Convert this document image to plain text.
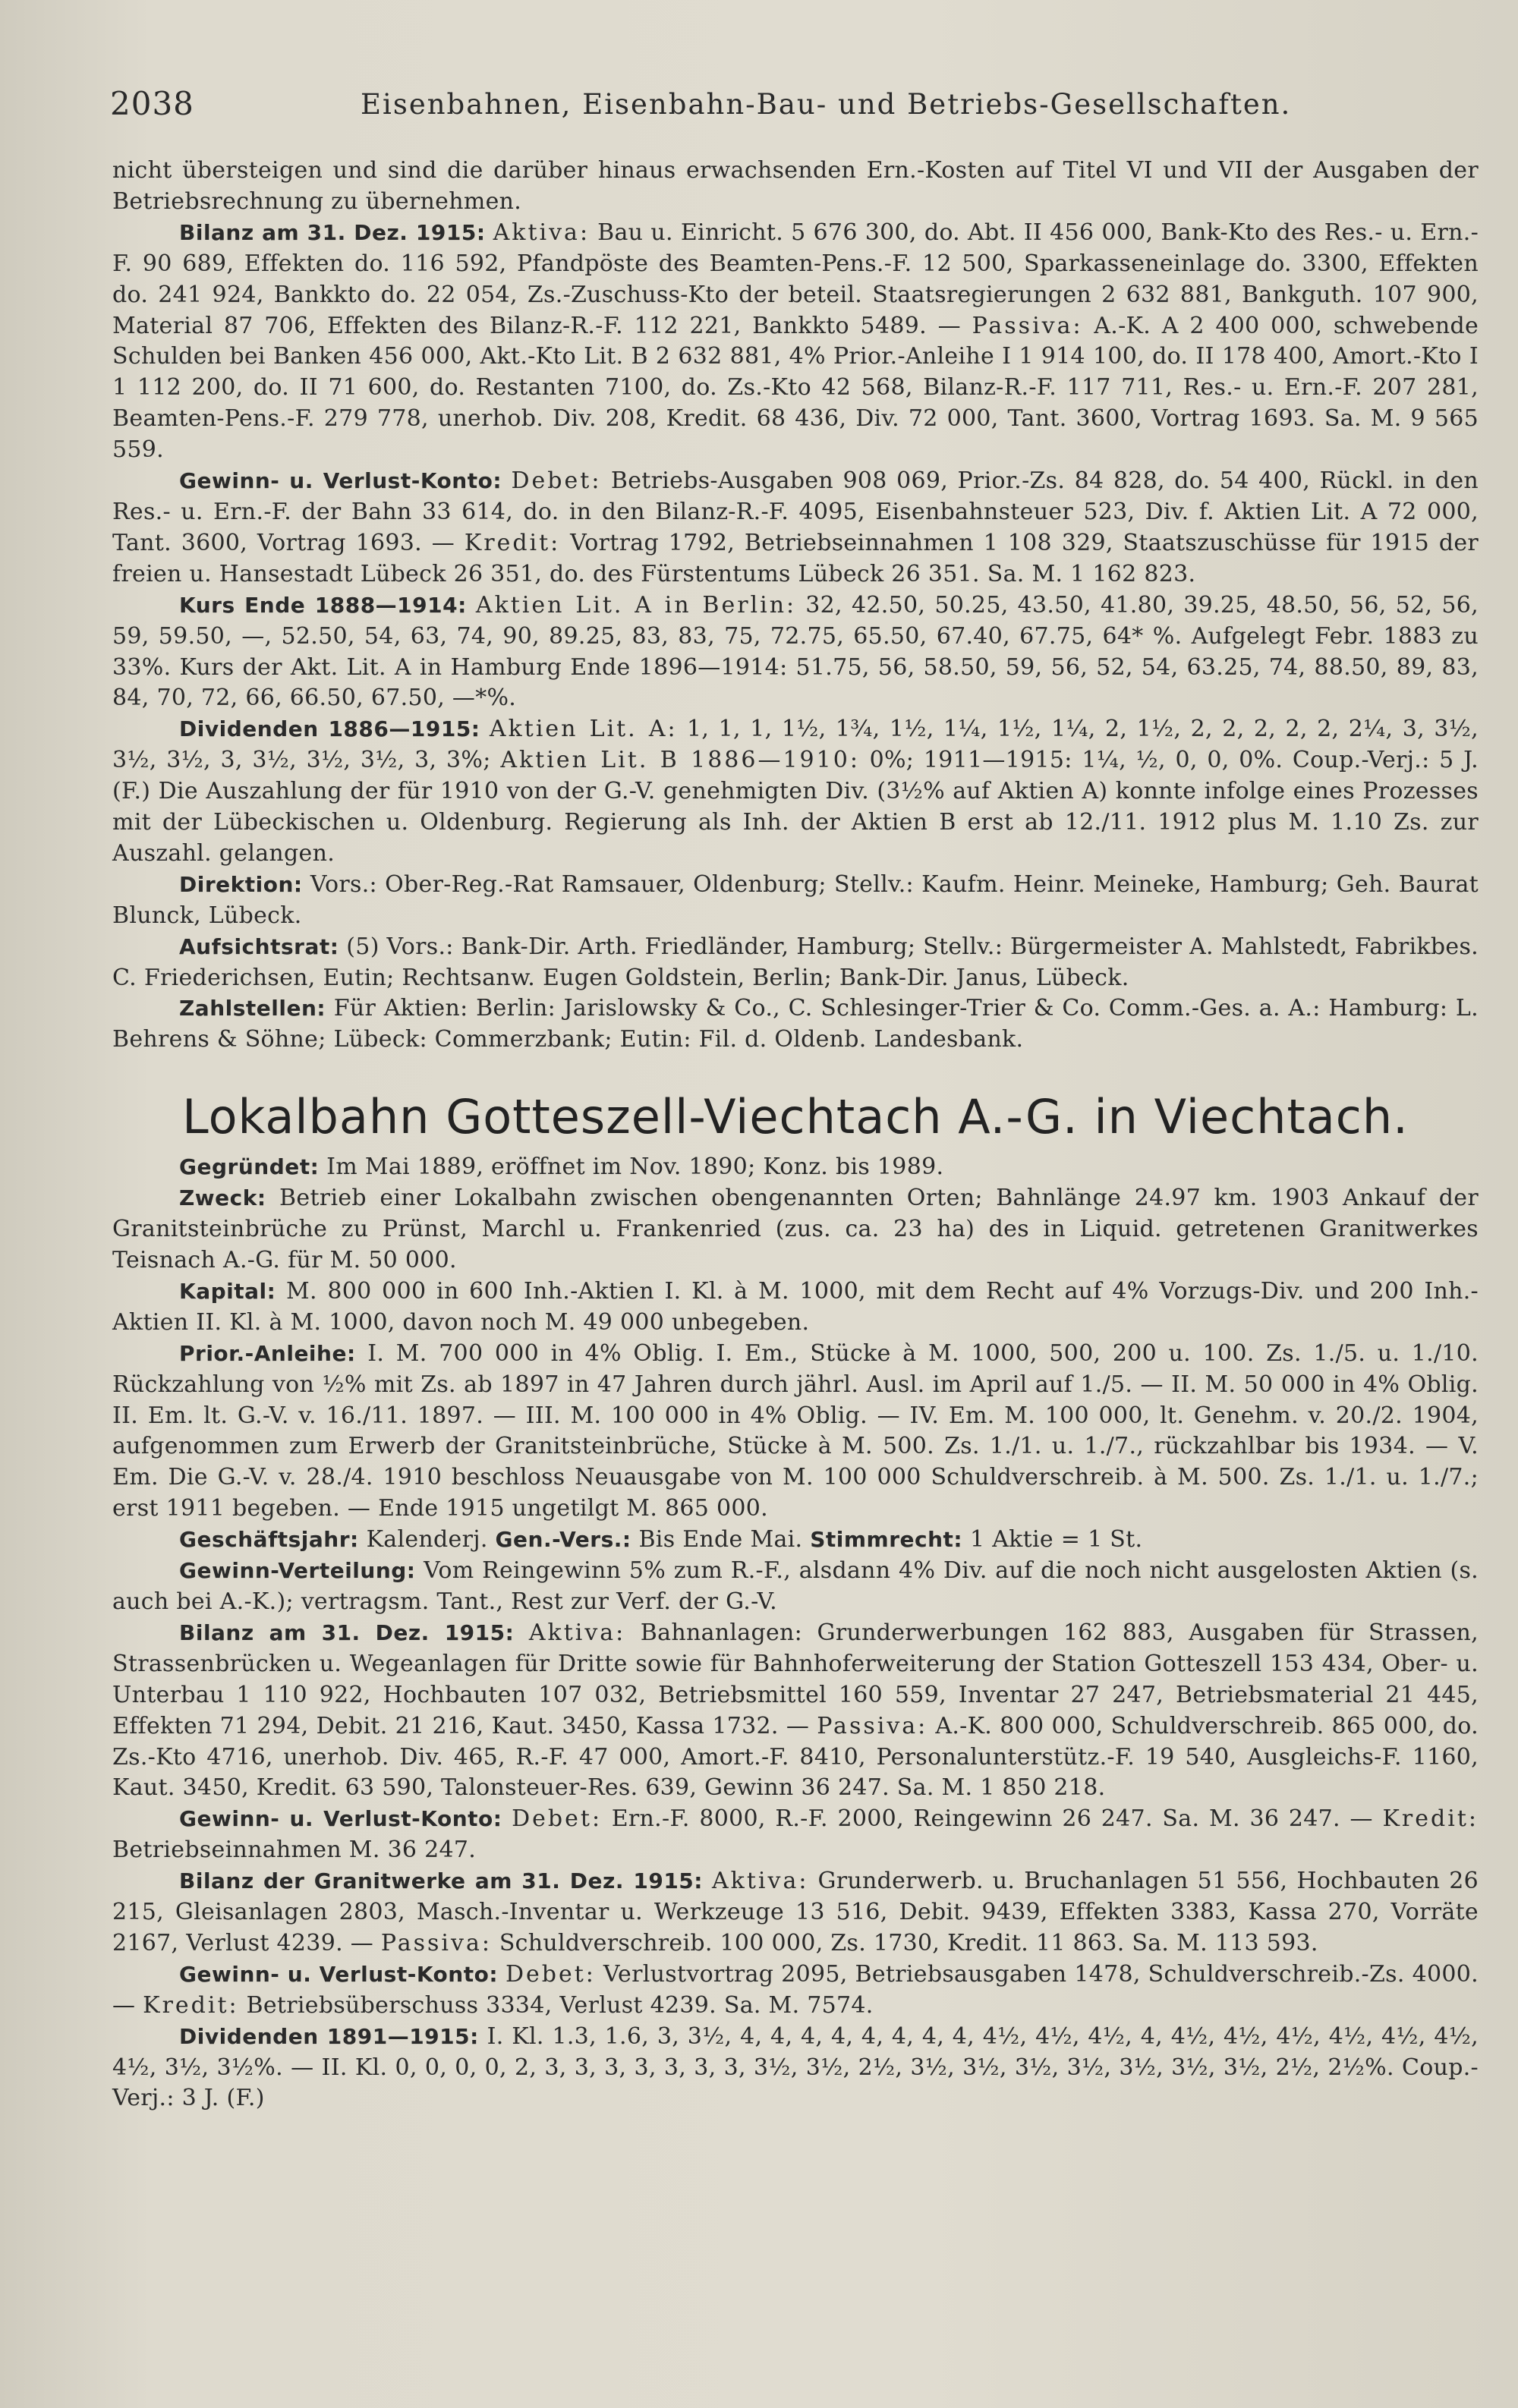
2038	Eisenbahnen, Eisenbahn-Bau- und Betriebs-Gesellschaften.

nicht übersteigen und sind die darüber hinaus erwachsenden Ern.-Kosten auf Titel VI und VII der Ausgaben der Betriebsrechnung zu übernehmen.

Bilanz am 31. Dez. 1915: Aktiva: Bau u. Einricht. 5 676 300, do. Abt. II 456 000, Bank-Kto des Res.- u. Ern.-F. 90 689, Effekten do. 116 592, Pfandpöste des Beamten-Pens.-F. 12 500, Sparkasseneinlage do. 3300, Effekten do. 241 924, Bankkto do. 22 054, Zs.-Zuschuss-Kto der beteil. Staatsregierungen 2 632 881, Bankguth. 107 900, Material 87 706, Effekten des Bilanz-R.-F. 112 221, Bankkto 5489. — Passiva: A.-K. A 2 400 000, schwebende Schulden bei Banken 456 000, Akt.-Kto Lit. B 2 632 881, 4% Prior.-Anleihe I 1 914 100, do. II 178 400, Amort.-Kto I 1 112 200, do. II 71 600, do. Restanten 7100, do. Zs.-Kto 42 568, Bilanz-R.-F. 117 711, Res.- u. Ern.-F. 207 281, Beamten-Pens.-F. 279 778, unerhob. Div. 208, Kredit. 68 436, Div. 72 000, Tant. 3600, Vortrag 1693. Sa. M. 9 565 559.

Gewinn- u. Verlust-Konto: Debet: Betriebs-Ausgaben 908 069, Prior.-Zs. 84 828, do. 54 400, Rückl. in den Res.- u. Ern.-F. der Bahn 33 614, do. in den Bilanz-R.-F. 4095, Eisenbahnsteuer 523, Div. f. Aktien Lit. A 72 000, Tant. 3600, Vortrag 1693. — Kredit: Vortrag 1792, Betriebseinnahmen 1 108 329, Staatszuschüsse für 1915 der freien u. Hansestadt Lübeck 26 351, do. des Fürstentums Lübeck 26 351. Sa. M. 1 162 823.

Kurs Ende 1888—1914: Aktien Lit. A in Berlin: 32, 42.50, 50.25, 43.50, 41.80, 39.25, 48.50, 56, 52, 56, 59, 59.50, —, 52.50, 54, 63, 74, 90, 89.25, 83, 83, 75, 72.75, 65.50, 67.40, 67.75, 64* %. Aufgelegt Febr. 1883 zu 33%. Kurs der Akt. Lit. A in Hamburg Ende 1896—1914: 51.75, 56, 58.50, 59, 56, 52, 54, 63.25, 74, 88.50, 89, 83, 84, 70, 72, 66, 66.50, 67.50, —*%.

Dividenden 1886—1915: Aktien Lit. A: 1, 1, 1, 1½, 1¾, 1½, 1¼, 1½, 1¼, 2, 1½, 2, 2, 2, 2, 2, 2¼, 3, 3½, 3½, 3½, 3, 3½, 3½, 3½, 3, 3%; Aktien Lit. B 1886—1910: 0%; 1911—1915: 1¼, ½, 0, 0, 0%. Coup.-Verj.: 5 J. (F.) Die Auszahlung der für 1910 von der G.-V. genehmigten Div. (3½% auf Aktien A) konnte infolge eines Prozesses mit der Lübeckischen u. Oldenburg. Regierung als Inh. der Aktien B erst ab 12./11. 1912 plus M. 1.10 Zs. zur Auszahl. gelangen.

Direktion: Vors.: Ober-Reg.-Rat Ramsauer, Oldenburg; Stellv.: Kaufm. Heinr. Meineke, Hamburg; Geh. Baurat Blunck, Lübeck.

Aufsichtsrat: (5) Vors.: Bank-Dir. Arth. Friedländer, Hamburg; Stellv.: Bürgermeister A. Mahlstedt, Fabrikbes. C. Friederichsen, Eutin; Rechtsanw. Eugen Goldstein, Berlin; Bank-Dir. Janus, Lübeck.

Zahlstellen: Für Aktien: Berlin: Jarislowsky & Co., C. Schlesinger-Trier & Co. Comm.-Ges. a. A.: Hamburg: L. Behrens & Söhne; Lübeck: Commerzbank; Eutin: Fil. d. Oldenb. Landesbank.

Lokalbahn Gotteszell-Viechtach A.-G. in Viechtach.

Gegründet: Im Mai 1889, eröffnet im Nov. 1890; Konz. bis 1989.

Zweck: Betrieb einer Lokalbahn zwischen obengenannten Orten; Bahnlänge 24.97 km. 1903 Ankauf der Granitsteinbrüche zu Prünst, Marchl u. Frankenried (zus. ca. 23 ha) des in Liquid. getretenen Granitwerkes Teisnach A.-G. für M. 50 000.

Kapital: M. 800 000 in 600 Inh.-Aktien I. Kl. à M. 1000, mit dem Recht auf 4% Vorzugs-Div. und 200 Inh.-Aktien II. Kl. à M. 1000, davon noch M. 49 000 unbegeben.

Prior.-Anleihe: I. M. 700 000 in 4% Oblig. I. Em., Stücke à M. 1000, 500, 200 u. 100. Zs. 1./5. u. 1./10. Rückzahlung von ½% mit Zs. ab 1897 in 47 Jahren durch jährl. Ausl. im April auf 1./5. — II. M. 50 000 in 4% Oblig. II. Em. lt. G.-V. v. 16./11. 1897. — III. M. 100 000 in 4% Oblig. — IV. Em. M. 100 000, lt. Genehm. v. 20./2. 1904, aufgenommen zum Erwerb der Granitsteinbrüche, Stücke à M. 500. Zs. 1./1. u. 1./7., rückzahlbar bis 1934. — V. Em. Die G.-V. v. 28./4. 1910 beschloss Neuausgabe von M. 100 000 Schuldverschreib. à M. 500. Zs. 1./1. u. 1./7.; erst 1911 begeben. — Ende 1915 ungetilgt M. 865 000.

Geschäftsjahr: Kalenderj. Gen.-Vers.: Bis Ende Mai. Stimmrecht: 1 Aktie = 1 St.

Gewinn-Verteilung: Vom Reingewinn 5% zum R.-F., alsdann 4% Div. auf die noch nicht ausgelosten Aktien (s. auch bei A.-K.); vertragsm. Tant., Rest zur Verf. der G.-V.

Bilanz am 31. Dez. 1915: Aktiva: Bahnanlagen: Grunderwerbungen 162 883, Ausgaben für Strassen, Strassenbrücken u. Wegeanlagen für Dritte sowie für Bahnhoferweiterung der Station Gotteszell 153 434, Ober- u. Unterbau 1 110 922, Hochbauten 107 032, Betriebsmittel 160 559, Inventar 27 247, Betriebsmaterial 21 445, Effekten 71 294, Debit. 21 216, Kaut. 3450, Kassa 1732. — Passiva: A.-K. 800 000, Schuldverschreib. 865 000, do. Zs.-Kto 4716, unerhob. Div. 465, R.-F. 47 000, Amort.-F. 8410, Personalunterstütz.-F. 19 540, Ausgleichs-F. 1160, Kaut. 3450, Kredit. 63 590, Talonsteuer-Res. 639, Gewinn 36 247. Sa. M. 1 850 218.

Gewinn- u. Verlust-Konto: Debet: Ern.-F. 8000, R.-F. 2000, Reingewinn 26 247. Sa. M. 36 247. — Kredit: Betriebseinnahmen M. 36 247.

Bilanz der Granitwerke am 31. Dez. 1915: Aktiva: Grunderwerb. u. Bruchanlagen 51 556, Hochbauten 26 215, Gleisanlagen 2803, Masch.-Inventar u. Werkzeuge 13 516, Debit. 9439, Effekten 3383, Kassa 270, Vorräte 2167, Verlust 4239. — Passiva: Schuldverschreib. 100 000, Zs. 1730, Kredit. 11 863. Sa. M. 113 593.

Gewinn- u. Verlust-Konto: Debet: Verlustvortrag 2095, Betriebsausgaben 1478, Schuldverschreib.-Zs. 4000. — Kredit: Betriebsüberschuss 3334, Verlust 4239. Sa. M. 7574.

Dividenden 1891—1915: I. Kl. 1.3, 1.6, 3, 3½, 4, 4, 4, 4, 4, 4, 4, 4, 4½, 4½, 4½, 4, 4½, 4½, 4½, 4½, 4½, 4½, 4½, 3½, 3½%. — II. Kl. 0, 0, 0, 0, 2, 3, 3, 3, 3, 3, 3, 3, 3½, 3½, 2½, 3½, 3½, 3½, 3½, 3½, 3½, 3½, 2½, 2½%. Coup.-Verj.: 3 J. (F.)
